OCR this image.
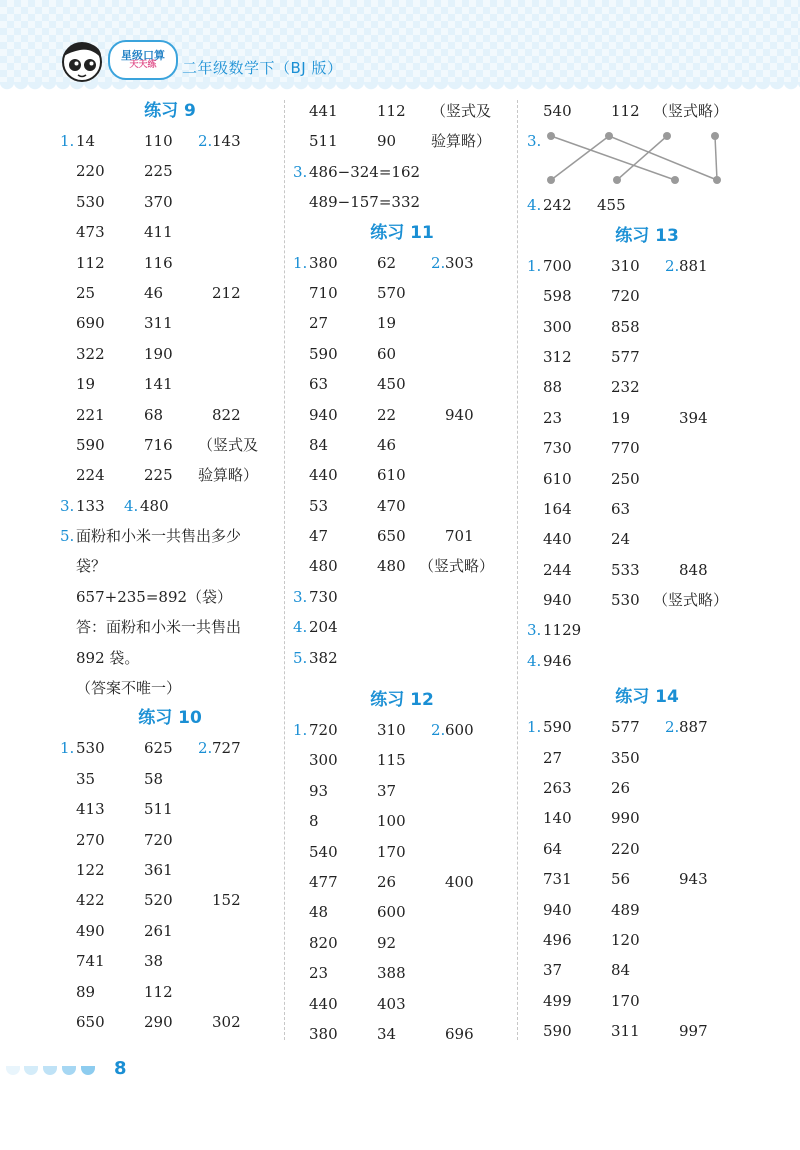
星级口算
天天练 二年级数学下（BJ 版）
练习 9
1. 14	110 2. 143
220	225
530	370
473	411
112	116
25	46	212
690	311
322	190
19	141
221	68	822
590	716 （竖式及
224	225 验算略）
3. 133 4. 480
5. 面粉和小米一共售出多少
袋？
657+235=892（袋）
答：面粉和小米一共售出
892 袋。
（答案不唯一）
练习 10
1. 530	625 2. 727
35	58
413	511
270	720
122	361
422	520	152
490	261
741	38
89	112
650	290	302
441	112 （竖式及
511	90 验算略）
3. 486−324=162
489−157=332
练习 11
1. 380	62 2. 303
710	570
27	19
590	60
63	450
940	22	940
84	46
440	610
53	470
47	650	701
480	480 （竖式略）
3. 730
4. 204
5. 382
练习 12
1. 720	310 2. 600
300	115
93	37
8	100
540	170
477	26	400
48	600
820	92
23	388
440	403
380	34	696
540	112 （竖式略）
3.
4. 242 455
练习 13
1. 700	310 2. 881
598	720
300	858
312	577
88	232
23	19	394
730	770
610	250
164	63
440	24
244	533	848
940	530 （竖式略）
3. 1129
4. 946
练习 14
1. 590	577 2. 887
27	350
263	26
140	990
64	220
731	56	943
940	489
496	120
37	84
499	170
590	311	997
8
